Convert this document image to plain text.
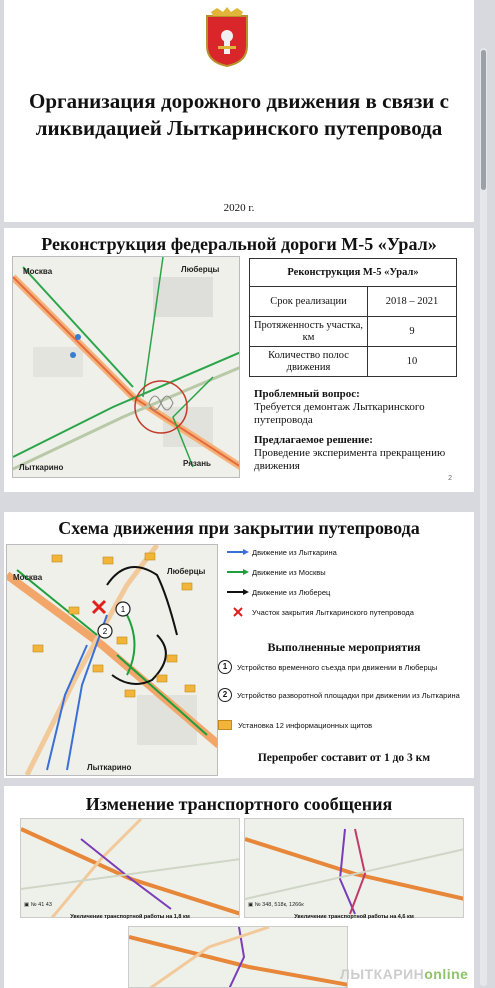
Организация дорожного движения в связи с ликвидацией Лыткаринского путепровода
2020 г.
Реконструкция федеральной дороги М-5 «Урал»
Москва	Люберцы
Лыткарино	Рязань
Реконструкция М-5 «Урал»	
Срок реализации	2018 – 2021
Протяженность участка, км	9
Количество полос движения	10
Проблемный вопрос:
Требуется демонтаж Лыткаринского путепровода
Предлагаемое решение:
Проведение эксперимента прекращению движения
2
Схема движения при закрытии путепровода
1
2
Москва
Люберцы
Лыткарино
Движение из Лыткарина
Движение из Москвы
Движение из Люберец
Участок закрытия Лыткаринского путепровода
Выполненные мероприятия
1	Устройство временного съезда при движении в Люберцы
2	Устройство разворотной площадки при движении из Лыткарина
Установка 12 информационных щитов
Перепробег составит от 1 до 3 км
Изменение транспортного сообщения
▣ № 41 43
Увеличение транспортной работы на 1,8 км
▣ № 348, 518к, 1266к
Увеличение транспортной работы на 4,6 км
ЛЫТКАРИНonline
